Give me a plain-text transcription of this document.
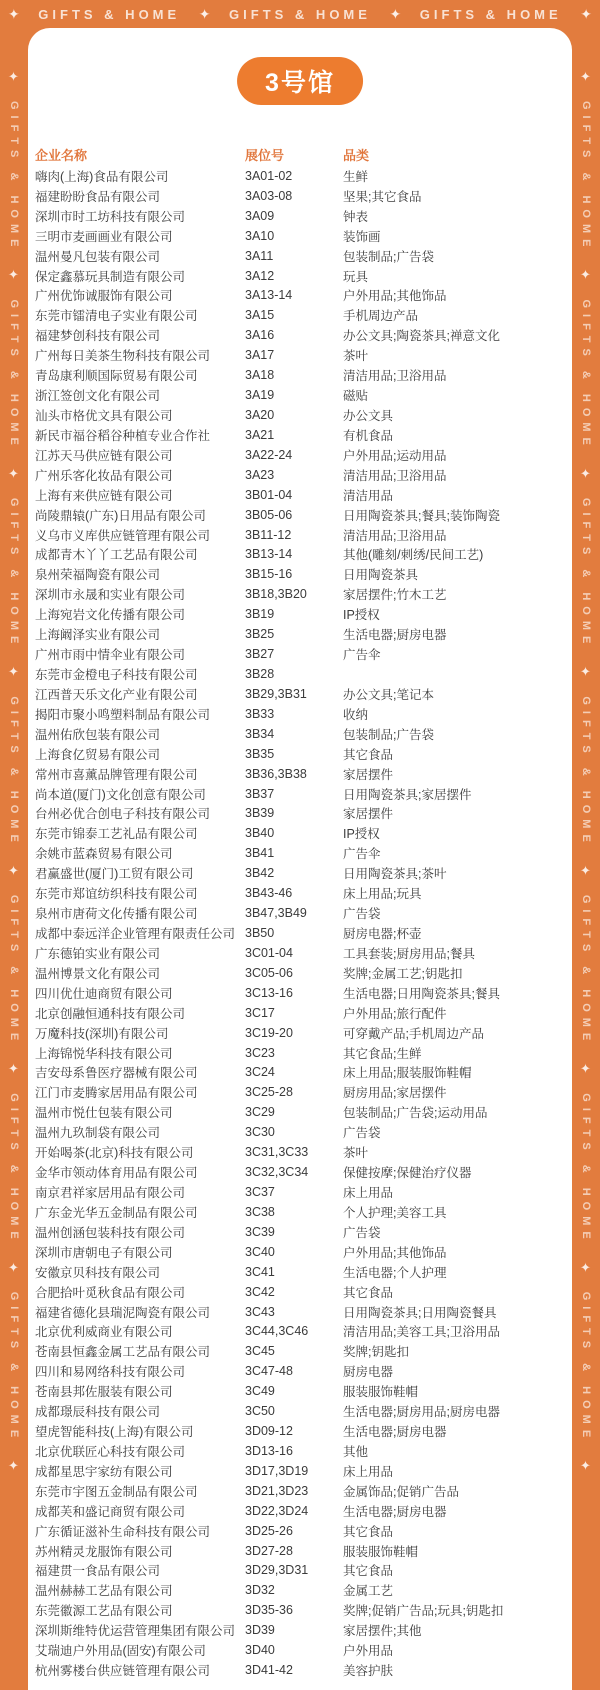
✦ GIFTS & HOME ✦ GIFTS & HOME ✦ GIFTS & HOME ✦
✦GIFTS & HOME✦GIFTS & HOME✦GIFTS & HOME✦GIFTS & HOME✦GIFTS & HOME✦GIFTS & HOME✦GIFTS & HOME✦
✦GIFTS & HOME✦GIFTS & HOME✦GIFTS & HOME✦GIFTS & HOME✦GIFTS & HOME✦GIFTS & HOME✦GIFTS & HOME✦
3号馆
企业名称	展位号	品类
嗨肉(上海)食品有限公司	3A01-02	生鲜
福建盼盼食品有限公司	3A03-08	坚果;其它食品
深圳市时工坊科技有限公司	3A09	钟表
三明市麦画画业有限公司	3A10	装饰画
温州曼凡包装有限公司	3A11	包装制品;广告袋
保定鑫慕玩具制造有限公司	3A12	玩具
广州优饰诚服饰有限公司	3A13-14	户外用品;其他饰品
东莞市镭清电子实业有限公司	3A15	手机周边产品
福建梦创科技有限公司	3A16	办公文具;陶瓷茶具;禅意文化
广州每日美茶生物科技有限公司	3A17	茶叶
青岛康利顺国际贸易有限公司	3A18	清洁用品;卫浴用品
浙江签创文化有限公司	3A19	磁贴
汕头市格优文具有限公司	3A20	办公文具
新民市福谷稻谷种植专业合作社	3A21	有机食品
江苏天马供应链有限公司	3A22-24	户外用品;运动用品
广州乐客化妆品有限公司	3A23	清洁用品;卫浴用品
上海有来供应链有限公司	3B01-04	清洁用品
尚陵鼎辕(广东)日用品有限公司	3B05-06	日用陶瓷茶具;餐具;装饰陶瓷
义乌市义库供应链管理有限公司	3B11-12	清洁用品;卫浴用品
成都青木丫丫工艺品有限公司	3B13-14	其他(雕刻/刺绣/民间工艺)
泉州荣福陶瓷有限公司	3B15-16	日用陶瓷茶具
深圳市永晟和实业有限公司	3B18,3B20	家居摆件;竹木工艺
上海宛岩文化传播有限公司	3B19	IP授权
上海阚泽实业有限公司	3B25	生活电器;厨房电器
广州市雨中情伞业有限公司	3B27	广告伞
东莞市金橙电子科技有限公司	3B28
江西普天乐文化产业有限公司	3B29,3B31	办公文具;笔记本
揭阳市聚小鸣塑料制品有限公司	3B33	收纳
温州佑欣包装有限公司	3B34	包装制品;广告袋
上海食亿贸易有限公司	3B35	其它食品
常州市喜薰品牌管理有限公司	3B36,3B38	家居摆件
尚本道(厦门)文化创意有限公司	3B37	日用陶瓷茶具;家居摆件
台州必优合创电子科技有限公司	3B39	家居摆件
东莞市锦泰工艺礼品有限公司	3B40	IP授权
余姚市蓝森贸易有限公司	3B41	广告伞
君赢盛世(厦门)工贸有限公司	3B42	日用陶瓷茶具;茶叶
东莞市郑谊纺织科技有限公司	3B43-46	床上用品;玩具
泉州市唐荷文化传播有限公司	3B47,3B49	广告袋
成都中泰远洋企业管理有限责任公司 3B50	厨房电器;杯壶
广东德铂实业有限公司	3C01-04	工具套装;厨房用品;餐具
温州博景文化有限公司	3C05-06	奖牌;金属工艺;钥匙扣
四川优仕迪商贸有限公司	3C13-16	生活电器;日用陶瓷茶具;餐具
北京创融恒通科技有限公司	3C17	户外用品;旅行配件
万魔科技(深圳)有限公司	3C19-20	可穿戴产品;手机周边产品
上海锦悦华科技有限公司	3C23	其它食品;生鲜
吉安母系鲁医疗器械有限公司	3C24	床上用品;服装服饰鞋帽
江门市麦腾家居用品有限公司	3C25-28	厨房用品;家居摆件
温州市悦仕包装有限公司	3C29	包装制品;广告袋;运动用品
温州九玖制袋有限公司	3C30	广告袋
开始喝茶(北京)科技有限公司	3C31,3C33	茶叶
金华市领动体育用品有限公司	3C32,3C34	保健按摩;保健治疗仪器
南京君祥家居用品有限公司	3C37	床上用品
广东金光华五金制品有限公司	3C38	个人护理;美容工具
温州创涵包装科技有限公司	3C39	广告袋
深圳市唐朝电子有限公司	3C40	户外用品;其他饰品
安徽京贝科技有限公司	3C41	生活电器;个人护理
合肥拾叶觅秋食品有限公司	3C42	其它食品
福建省德化县瑞泥陶瓷有限公司	3C43	日用陶瓷茶具;日用陶瓷餐具
北京优利威商业有限公司	3C44,3C46	清洁用品;美容工具;卫浴用品
苍南县恒鑫金属工艺品有限公司	3C45	奖牌;钥匙扣
四川和易网络科技有限公司	3C47-48	厨房电器
苍南县邦佐服装有限公司	3C49	服装服饰鞋帽
成都璟辰科技有限公司	3C50	生活电器;厨房用品;厨房电器
望虎智能科技(上海)有限公司	3D09-12	生活电器;厨房电器
北京优联匠心科技有限公司	3D13-16	其他
成都星思宇家纺有限公司	3D17,3D19	床上用品
东莞市宇图五金制品有限公司	3D21,3D23	金属饰品;促销广告品
成都芙和盛记商贸有限公司	3D22,3D24	生活电器;厨房电器
广东循证滋补生命科技有限公司	3D25-26	其它食品
苏州精灵龙服饰有限公司	3D27-28	服装服饰鞋帽
福建贯一食品有限公司	3D29,3D31	其它食品
温州赫赫工艺品有限公司	3D32	金属工艺
东莞徽源工艺品有限公司	3D35-36	奖牌;促销广告品;玩具;钥匙扣
深圳斯维特优运营管理集团有限公司 3D39	家居摆件;其他
艾瑞迪户外用品(固安)有限公司	3D40	户外用品
杭州雾楼台供应链管理有限公司	3D41-42	美容护肤
